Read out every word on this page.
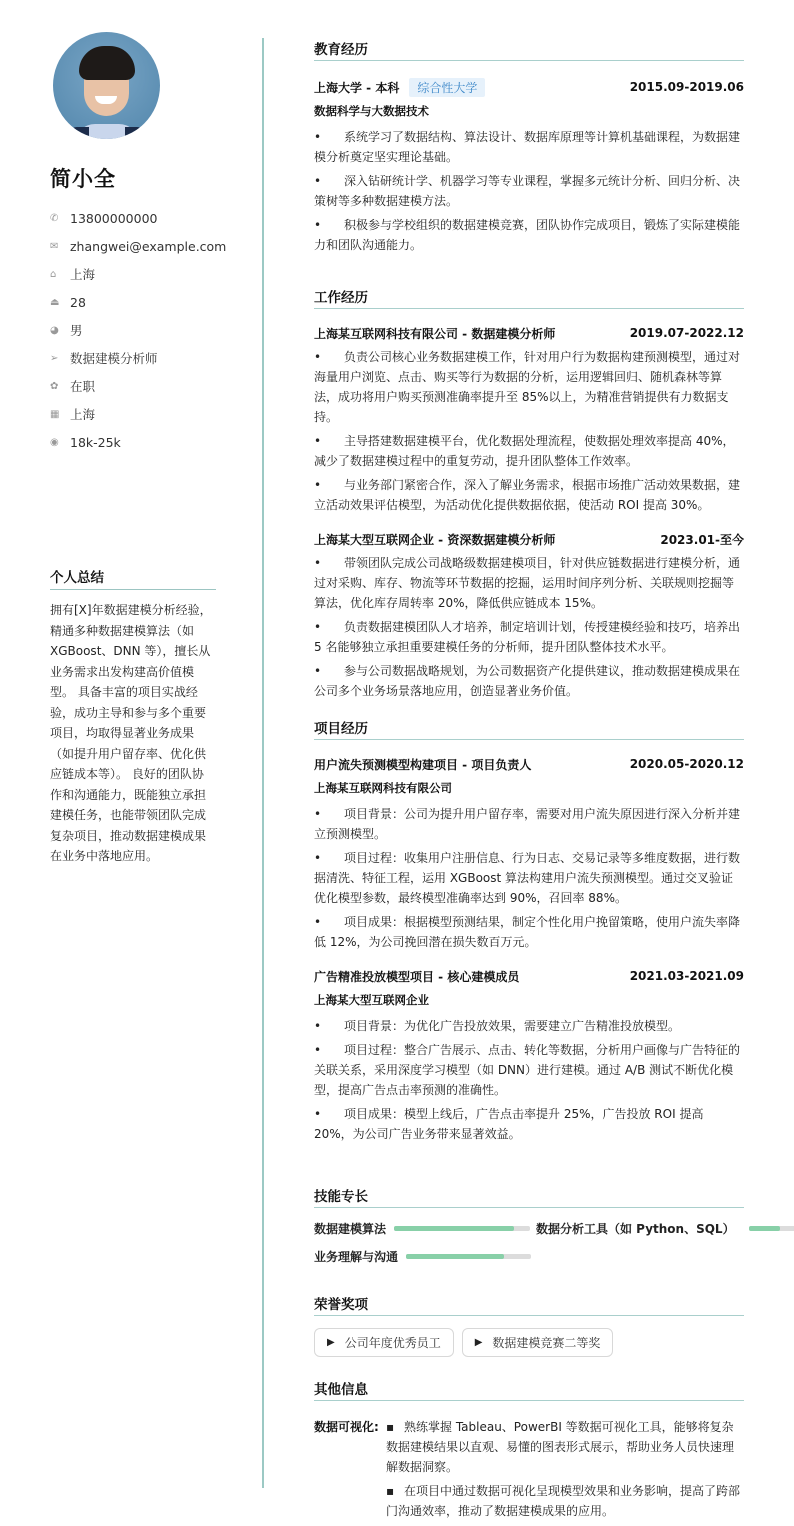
简小全
✆ 13800000000
✉ zhangwei@example.com
⌂	上海
⏏ 28
◕ 男
➢ 数据建模分析师
✿ 在职
▦ 上海
◉ 18k-25k
个人总结
拥有[X]年数据建模分析经验，精通多种数据建模算法（如 XGBoost、DNN 等），擅长从业务需求出发构建高价值模型。 具备丰富的项目实战经验，成功主导和参与多个重要项目，均取得显著业务成果（如提升用户留存率、优化供应链成本等）。 良好的团队协作和沟通能力，既能独立承担建模任务，也能带领团队完成复杂项目，推动数据建模成果在业务中落地应用。
教育经历
上海大学 - 本科	综合性大学	2015.09-2019.06
数据科学与大数据技术
• 系统学习了数据结构、算法设计、数据库原理等计算机基础课程，为数据建模分析奠定坚实理论基础。
• 深入钻研统计学、机器学习等专业课程，掌握多元统计分析、回归分析、决策树等多种数据建模方法。
• 积极参与学校组织的数据建模竞赛，团队协作完成项目，锻炼了实际建模能力和团队沟通能力。
工作经历
上海某互联网科技有限公司 - 数据建模分析师	2019.07-2022.12
• 负责公司核心业务数据建模工作，针对用户行为数据构建预测模型，通过对海量用户浏览、点击、购买等行为数据的分析，运用逻辑回归、随机森林等算法，成功将用户购买预测准确率提升至 85%以上，为精准营销提供有力数据支持。
• 主导搭建数据建模平台，优化数据处理流程，使数据处理效率提高 40%，减少了数据建模过程中的重复劳动，提升团队整体工作效率。
• 与业务部门紧密合作，深入了解业务需求，根据市场推广活动效果数据，建立活动效果评估模型，为活动优化提供数据依据，使活动 ROI 提高 30%。
上海某大型互联网企业 - 资深数据建模分析师	2023.01-至今
• 带领团队完成公司战略级数据建模项目，针对供应链数据进行建模分析，通过对采购、库存、物流等环节数据的挖掘，运用时间序列分析、关联规则挖掘等算法，优化库存周转率 20%，降低供应链成本 15%。
• 负责数据建模团队人才培养，制定培训计划，传授建模经验和技巧，培养出 5 名能够独立承担重要建模任务的分析师，提升团队整体技术水平。
• 参与公司数据战略规划，为公司数据资产化提供建议，推动数据建模成果在公司多个业务场景落地应用，创造显著业务价值。
项目经历
用户流失预测模型构建项目 - 项目负责人	2020.05-2020.12
上海某互联网科技有限公司
• 项目背景：公司为提升用户留存率，需要对用户流失原因进行深入分析并建立预测模型。
• 项目过程：收集用户注册信息、行为日志、交易记录等多维度数据，进行数据清洗、特征工程，运用 XGBoost 算法构建用户流失预测模型。通过交叉验证优化模型参数，最终模型准确率达到 90%，召回率 88%。
• 项目成果：根据模型预测结果，制定个性化用户挽留策略，使用户流失率降低 12%，为公司挽回潜在损失数百万元。
广告精准投放模型项目 - 核心建模成员	2021.03-2021.09
上海某大型互联网企业
• 项目背景：为优化广告投放效果，需要建立广告精准投放模型。
• 项目过程：整合广告展示、点击、转化等数据，分析用户画像与广告特征的关联关系，采用深度学习模型（如 DNN）进行建模。通过 A/B 测试不断优化模型，提高广告点击率预测的准确性。
• 项目成果：模型上线后，广告点击率提升 25%，广告投放 ROI 提高 20%，为公司广告业务带来显著效益。
技能专长
数据建模算法	数据分析工具（如 Python、SQL）
业务理解与沟通
荣誉奖项
▶ 公司年度优秀员工	▶ 数据建模竞赛二等奖
其他信息
数据可视化: ▪ 熟练掌握 Tableau、PowerBI 等数据可视化工具，能够将复杂数据建模结果以直观、易懂的图表形式展示，帮助业务人员快速理解数据洞察。
▪ 在项目中通过数据可视化呈现模型效果和业务影响，提高了跨部门沟通效率，推动了数据建模成果的应用。
